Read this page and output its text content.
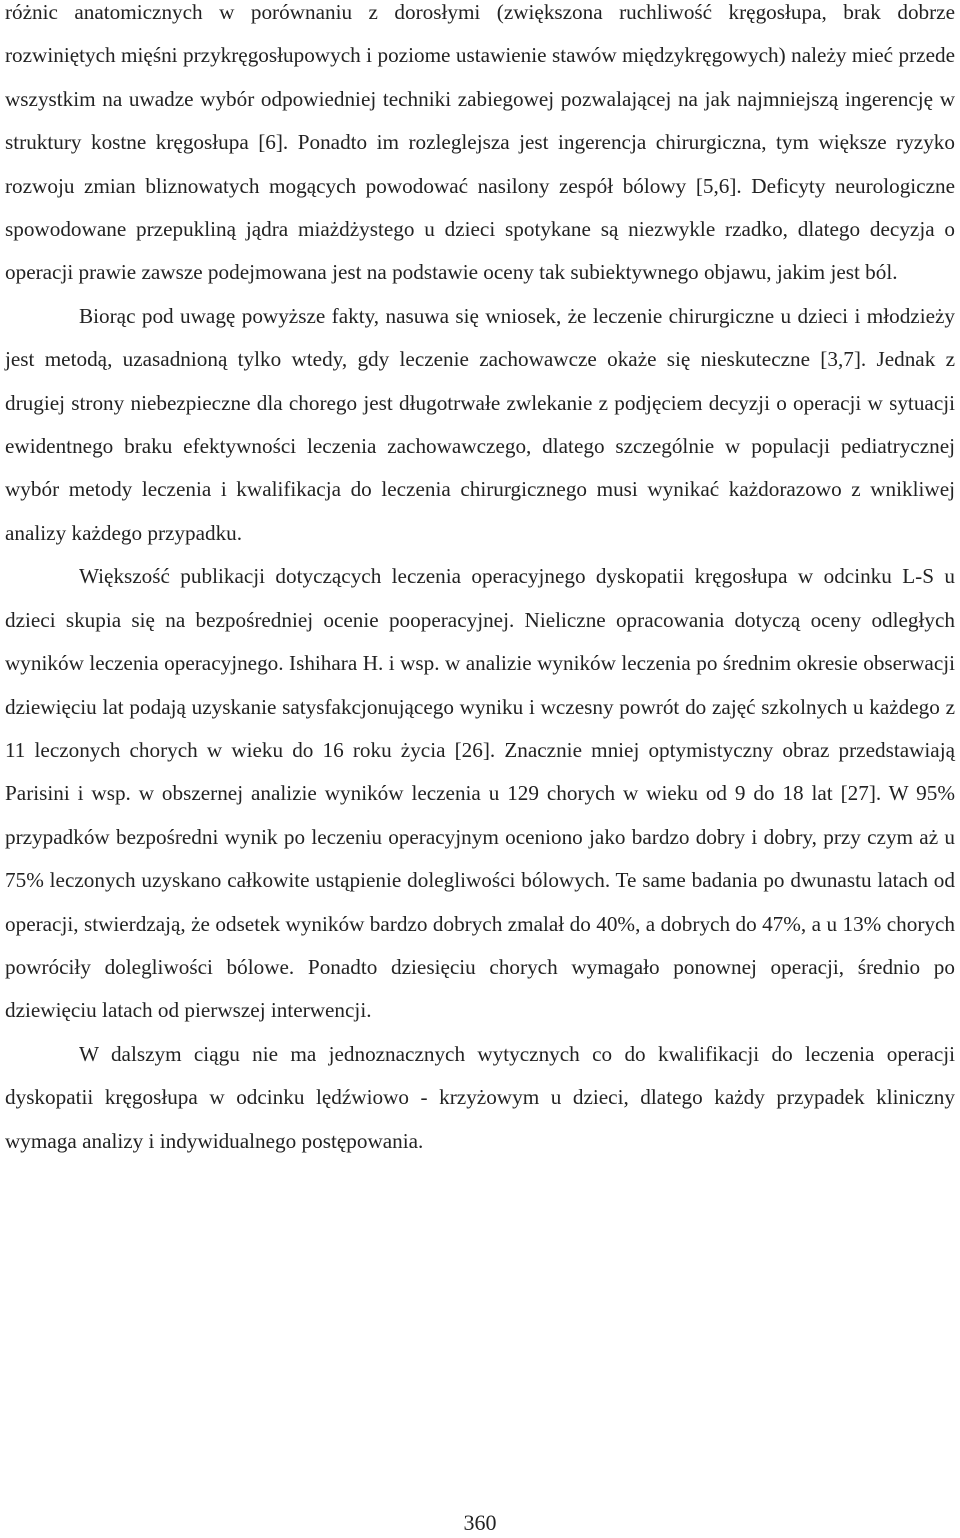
różnic anatomicznych w porównaniu z dorosłymi (zwiększona ruchliwość kręgosłupa, brak dobrze rozwiniętych mięśni przykręgosłupowych i poziome ustawienie stawów międzykręgowych) należy mieć przede wszystkim na uwadze wybór odpowiedniej techniki zabiegowej pozwalającej na jak najmniejszą ingerencję w struktury kostne kręgosłupa [6]. Ponadto im rozleglejsza jest ingerencja chirurgiczna, tym większe ryzyko rozwoju zmian bliznowatych mogących powodować nasilony zespół bólowy [5,6]. Deficyty neurologiczne spowodowane przepukliną jądra miażdżystego u dzieci spotykane są niezwykle rzadko, dlatego decyzja o operacji prawie zawsze podejmowana jest na podstawie oceny tak subiektywnego objawu, jakim jest ból.

Biorąc pod uwagę powyższe fakty, nasuwa się wniosek, że leczenie chirurgiczne u dzieci i młodzieży jest metodą, uzasadnioną tylko wtedy, gdy leczenie zachowawcze okaże się nieskuteczne [3,7]. Jednak z drugiej strony niebezpieczne dla chorego jest długotrwałe zwlekanie z podjęciem decyzji o operacji w sytuacji ewidentnego braku efektywności leczenia zachowawczego, dlatego szczególnie w populacji pediatrycznej wybór metody leczenia i kwalifikacja do leczenia chirurgicznego musi wynikać każdorazowo z wnikliwej analizy każdego przypadku.

Większość publikacji dotyczących leczenia operacyjnego dyskopatii kręgosłupa w odcinku L-S u dzieci skupia się na bezpośredniej ocenie pooperacyjnej. Nieliczne opracowania dotyczą oceny odległych wyników leczenia operacyjnego. Ishihara H. i wsp. w analizie wyników leczenia po średnim okresie obserwacji dziewięciu lat podają uzyskanie satysfakcjonującego wyniku i wczesny powrót do zajęć szkolnych u każdego z 11 leczonych chorych w wieku do 16 roku życia [26]. Znacznie mniej optymistyczny obraz przedstawiają Parisini i wsp. w obszernej analizie wyników leczenia u 129 chorych w wieku od 9 do 18 lat [27]. W 95% przypadków bezpośredni wynik po leczeniu operacyjnym oceniono jako bardzo dobry i dobry, przy czym aż u 75% leczonych uzyskano całkowite ustąpienie dolegliwości bólowych. Te same badania po dwunastu latach od operacji, stwierdzają, że odsetek wyników bardzo dobrych zmalał do 40%, a dobrych do 47%, a u 13% chorych powróciły dolegliwości bólowe. Ponadto dziesięciu chorych wymagało ponownej operacji, średnio po dziewięciu latach od pierwszej interwencji.

W dalszym ciągu nie ma jednoznacznych wytycznych co do kwalifikacji do leczenia operacji dyskopatii kręgosłupa w odcinku lędźwiowo - krzyżowym u dzieci, dlatego każdy przypadek kliniczny wymaga analizy i indywidualnego postępowania.

360
